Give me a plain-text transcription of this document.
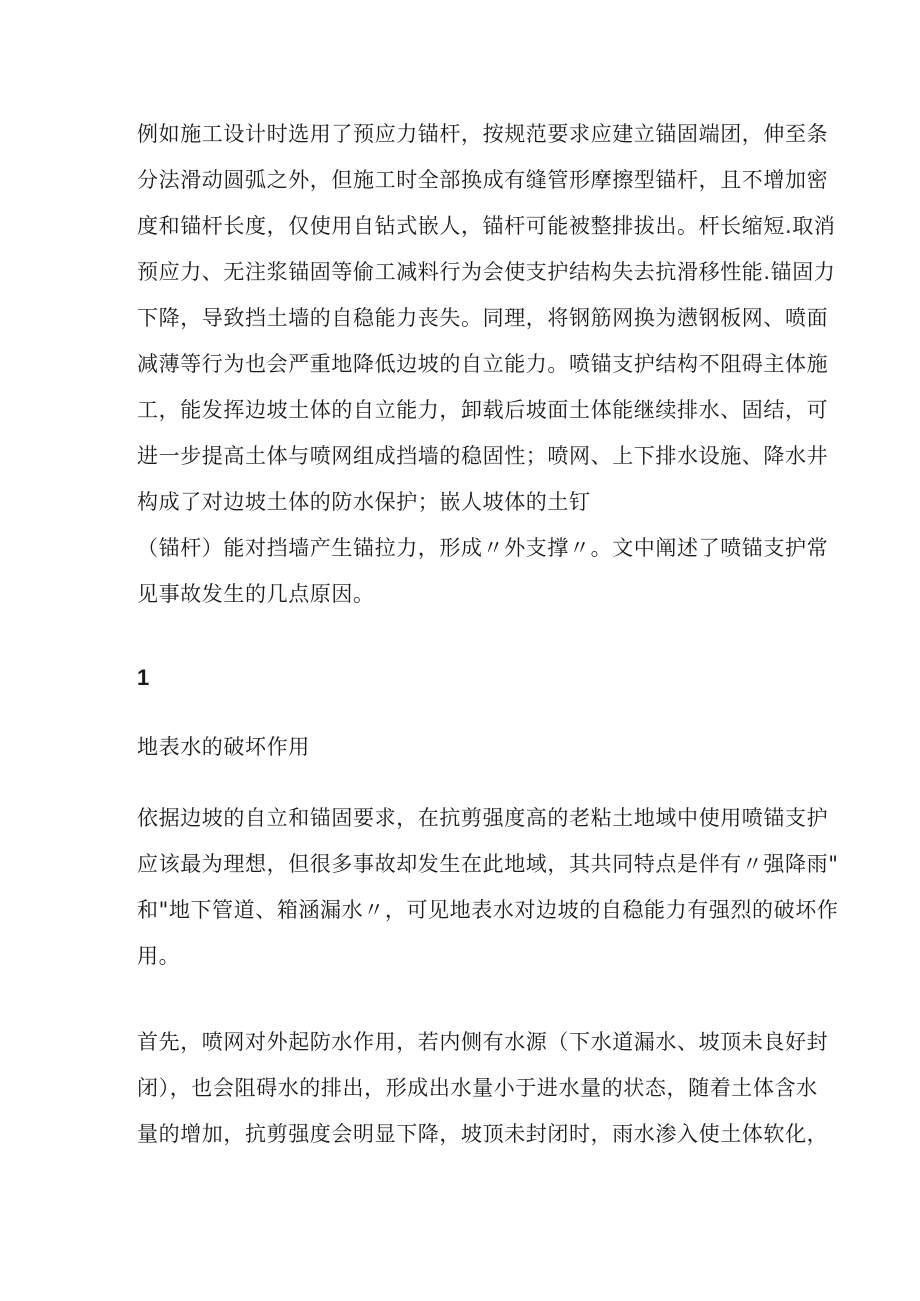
例如施工设计时选用了预应力锚杆，按规范要求应建立锚固端团，伸至条
分法滑动圆弧之外，但施工时全部换成有缝管形摩擦型锚杆，且不增加密
度和锚杆长度，仅使用自钻式嵌人，锚杆可能被整排拔出。杆长缩短.取消
预应力、无注浆锚固等偷工减料行为会使支护结构失去抗滑移性能.锚固力
下降，导致挡土墙的自稳能力丧失。同理，将钢筋网换为懑钢板网、喷面
减薄等行为也会严重地降低边坡的自立能力。喷锚支护结构不阻碍主体施
工，能发挥边坡土体的自立能力，卸载后坡面土体能继续排水、固结，可
进一步提高土体与喷网组成挡墙的稳固性；喷网、上下排水设施、降水井
构成了对边坡土体的防水保护；嵌人坡体的土钉
（锚杆）能对挡墙产生锚拉力，形成〃外支撑〃。文中阐述了喷锚支护常
见事故发生的几点原因。
1
地表水的破坏作用
依据边坡的自立和锚固要求，在抗剪强度高的老粘土地域中使用喷锚支护
应该最为理想，但很多事故却发生在此地域，其共同特点是伴有〃强降雨"
和"地下管道、箱涵漏水〃，可见地表水对边坡的自稳能力有强烈的破坏作
用。
首先，喷网对外起防水作用，若内侧有水源（下水道漏水、坡顶未良好封
闭），也会阻碍水的排出，形成出水量小于进水量的状态，随着土体含水
量的增加，抗剪强度会明显下降，坡顶未封闭时，雨水渗入使土体软化，
